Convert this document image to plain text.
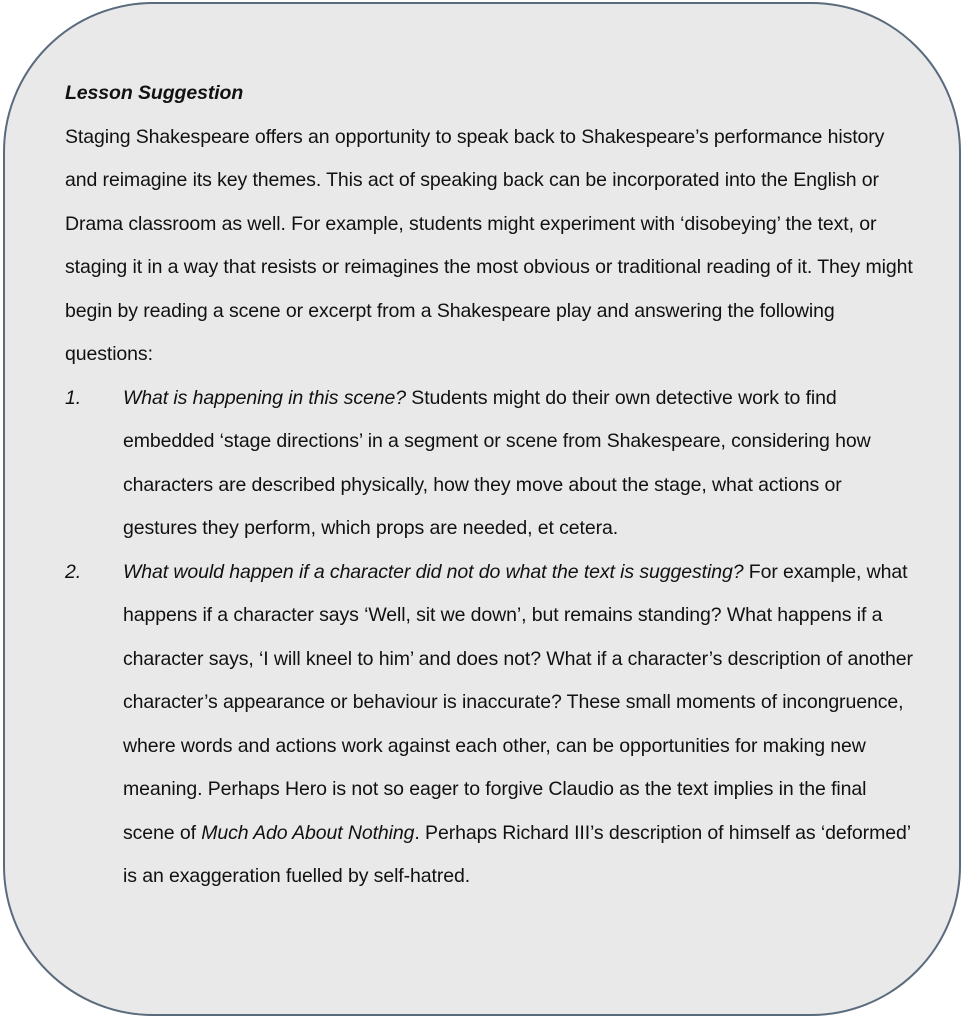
Lesson Suggestion

Staging Shakespeare offers an opportunity to speak back to Shakespeare’s performance history and reimagine its key themes. This act of speaking back can be incorporated into the English or Drama classroom as well. For example, students might experiment with ‘disobeying’ the text, or staging it in a way that resists or reimagines the most obvious or traditional reading of it. They might begin by reading a scene or excerpt from a Shakespeare play and answering the following questions:

1. What is happening in this scene? Students might do their own detective work to find embedded ‘stage directions’ in a segment or scene from Shakespeare, considering how characters are described physically, how they move about the stage, what actions or gestures they perform, which props are needed, et cetera.
2. What would happen if a character did not do what the text is suggesting? For example, what happens if a character says ‘Well, sit we down’, but remains standing? What happens if a character says, ‘I will kneel to him’ and does not? What if a character’s description of another character’s appearance or behaviour is inaccurate? These small moments of incongruence, where words and actions work against each other, can be opportunities for making new meaning. Perhaps Hero is not so eager to forgive Claudio as the text implies in the final scene of Much Ado About Nothing. Perhaps Richard III’s description of himself as ‘deformed’ is an exaggeration fuelled by self-hatred.
